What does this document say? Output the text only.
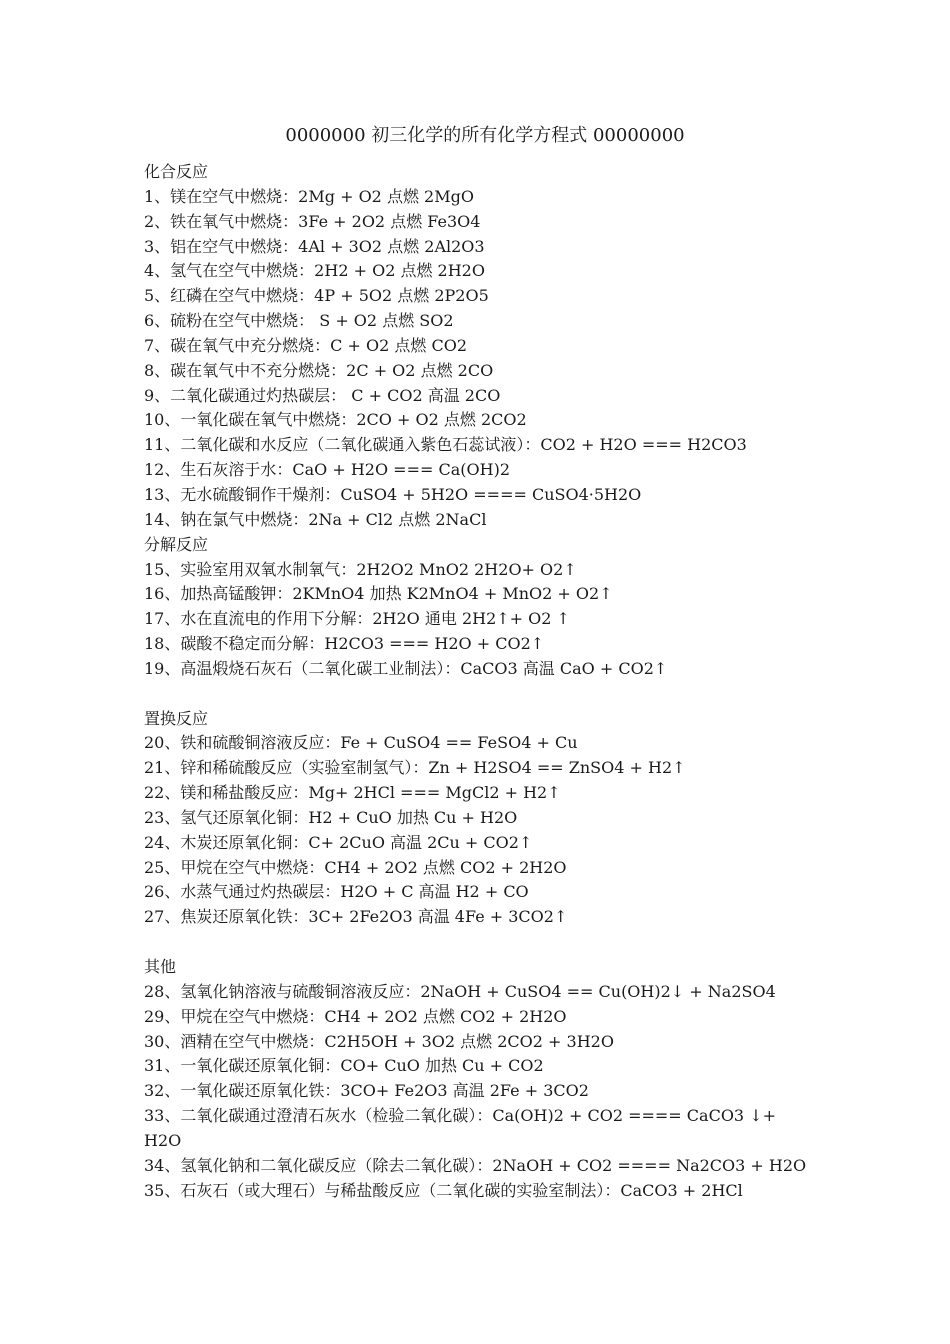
0000000 初三化学的所有化学方程式 00000000
化合反应
1、镁在空气中燃烧：2Mg + O2 点燃 2MgO
2、铁在氧气中燃烧：3Fe + 2O2 点燃 Fe3O4
3、铝在空气中燃烧：4Al + 3O2 点燃 2Al2O3
4、氢气在空气中燃烧：2H2 + O2 点燃 2H2O
5、红磷在空气中燃烧：4P + 5O2 点燃 2P2O5
6、硫粉在空气中燃烧： S + O2 点燃 SO2
7、碳在氧气中充分燃烧：C + O2 点燃 CO2
8、碳在氧气中不充分燃烧：2C + O2 点燃 2CO
9、二氧化碳通过灼热碳层： C + CO2 高温 2CO
10、一氧化碳在氧气中燃烧：2CO + O2 点燃 2CO2
11、二氧化碳和水反应（二氧化碳通入紫色石蕊试液）：CO2 + H2O === H2CO3
12、生石灰溶于水：CaO + H2O === Ca(OH)2
13、无水硫酸铜作干燥剂：CuSO4 + 5H2O ==== CuSO4·5H2O
14、钠在氯气中燃烧：2Na + Cl2 点燃 2NaCl
分解反应
15、实验室用双氧水制氧气：2H2O2 MnO2 2H2O+ O2↑
16、加热高锰酸钾：2KMnO4 加热 K2MnO4 + MnO2 + O2↑
17、水在直流电的作用下分解：2H2O 通电 2H2↑+ O2 ↑
18、碳酸不稳定而分解：H2CO3 === H2O + CO2↑
19、高温煅烧石灰石（二氧化碳工业制法）：CaCO3 高温 CaO + CO2↑
置换反应
20、铁和硫酸铜溶液反应：Fe + CuSO4 == FeSO4 + Cu
21、锌和稀硫酸反应（实验室制氢气）：Zn + H2SO4 == ZnSO4 + H2↑
22、镁和稀盐酸反应：Mg+ 2HCl === MgCl2 + H2↑
23、氢气还原氧化铜：H2 + CuO 加热 Cu + H2O
24、木炭还原氧化铜：C+ 2CuO 高温 2Cu + CO2↑
25、甲烷在空气中燃烧：CH4 + 2O2 点燃 CO2 + 2H2O
26、水蒸气通过灼热碳层：H2O + C 高温 H2 + CO
27、焦炭还原氧化铁：3C+ 2Fe2O3 高温 4Fe + 3CO2↑
其他
28、氢氧化钠溶液与硫酸铜溶液反应：2NaOH + CuSO4 == Cu(OH)2↓ + Na2SO4
29、甲烷在空气中燃烧：CH4 + 2O2 点燃 CO2 + 2H2O
30、酒精在空气中燃烧：C2H5OH + 3O2 点燃 2CO2 + 3H2O
31、一氧化碳还原氧化铜：CO+ CuO 加热 Cu + CO2
32、一氧化碳还原氧化铁：3CO+ Fe2O3 高温 2Fe + 3CO2
33、二氧化碳通过澄清石灰水（检验二氧化碳）：Ca(OH)2 + CO2 ==== CaCO3 ↓+
H2O
34、氢氧化钠和二氧化碳反应（除去二氧化碳）：2NaOH + CO2 ==== Na2CO3 + H2O
35、石灰石（或大理石）与稀盐酸反应（二氧化碳的实验室制法）：CaCO3 + 2HCl
